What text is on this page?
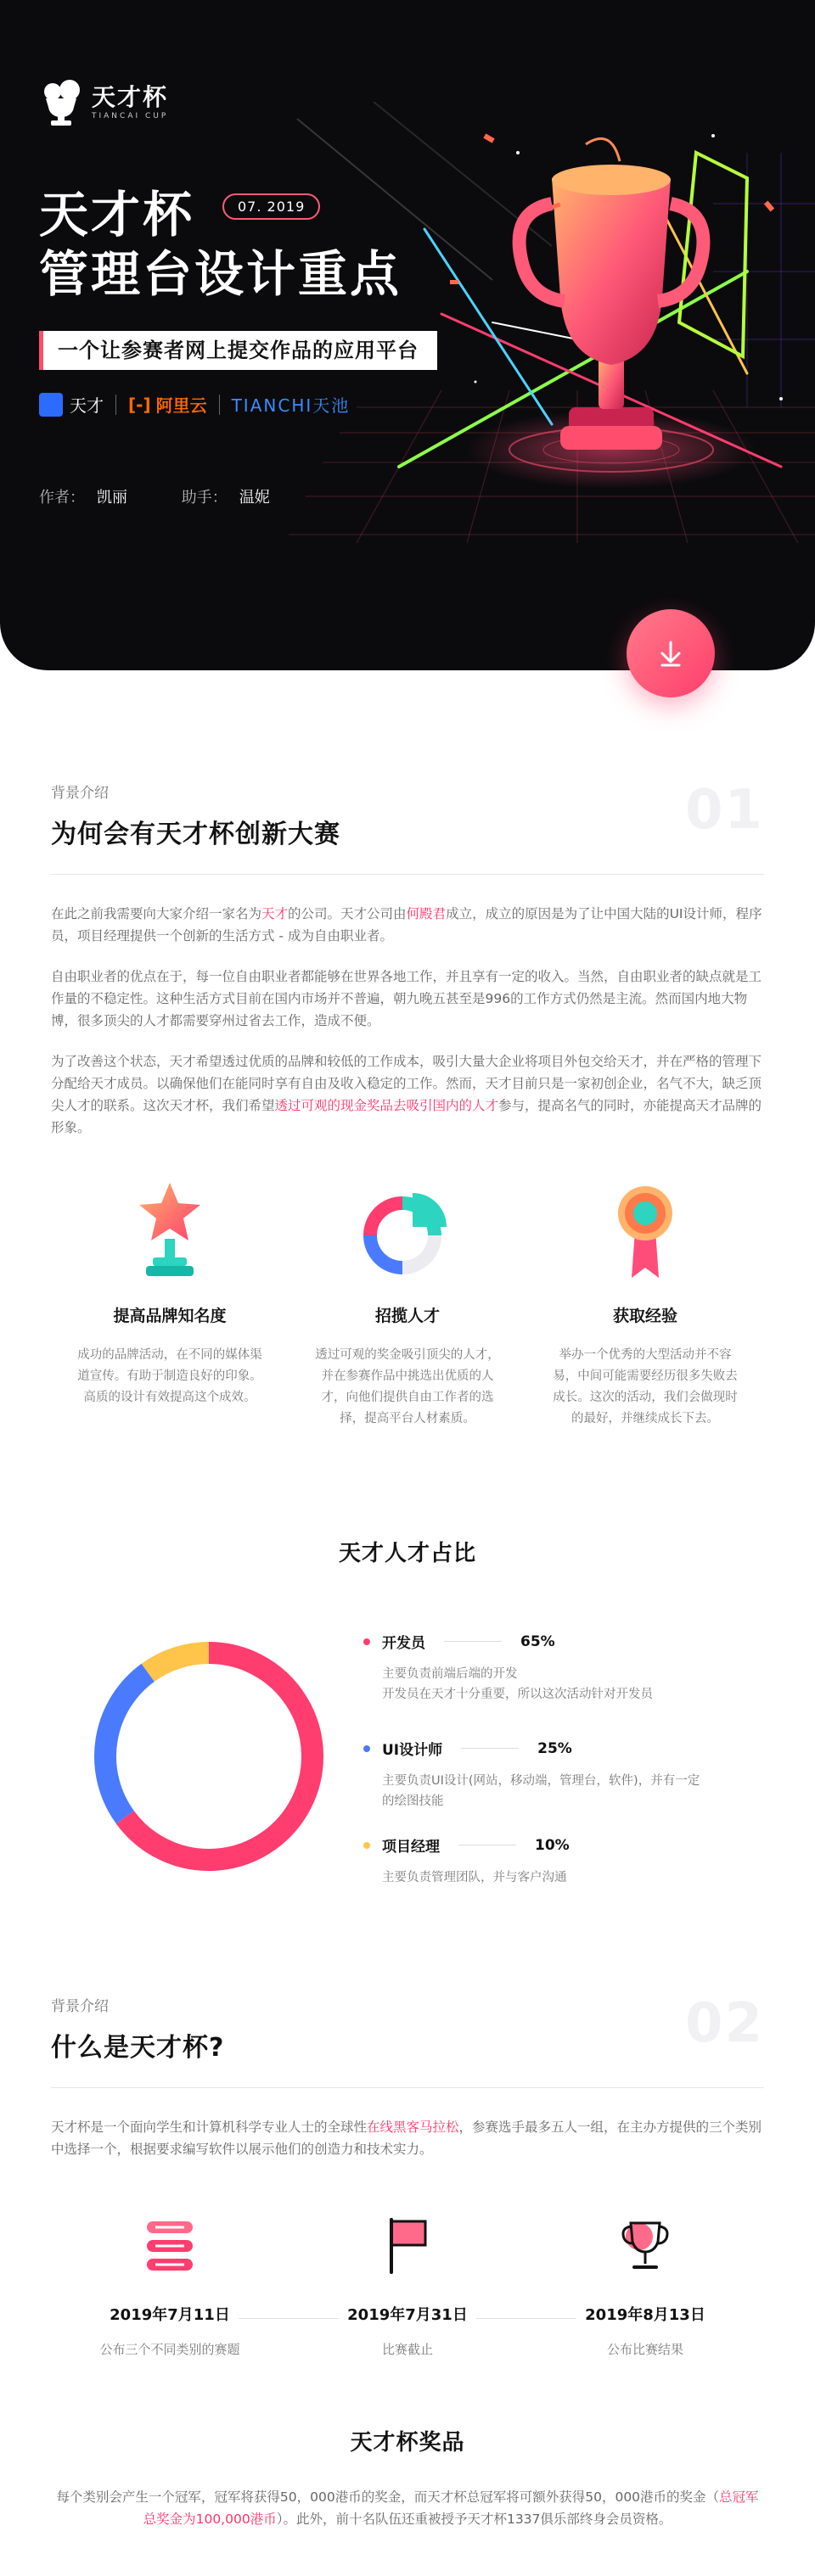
天才杯
TIANCAI CUP
天才杯
管理台设计重点
07. 2019
一个让参赛者网上提交作品的应用平台
天才 [-] 阿里云 TIANCHI天池
作者： 凯丽	助手： 温妮
背景介绍	01
为何会有天才杯创新大赛

在此之前我需要向大家介绍一家名为天才的公司。天才公司由何殿君成立，成立的原因是为了让中国大陆的UI设计师，程序员，项目经理提供一个创新的生活方式 - 成为自由职业者。

自由职业者的优点在于，每一位自由职业者都能够在世界各地工作，并且享有一定的收入。当然，自由职业者的缺点就是工作量的不稳定性。这种生活方式目前在国内市场并不普遍，朝九晚五甚至是996的工作方式仍然是主流。然而国内地大物博，很多顶尖的人才都需要穿州过省去工作，造成不便。

为了改善这个状态，天才希望透过优质的品牌和较低的工作成本，吸引大量大企业将项目外包交给天才，并在严格的管理下分配给天才成员。以确保他们在能同时享有自由及收入稳定的工作。然而，天才目前只是一家初创企业，名气不大，缺乏顶尖人才的联系。这次天才杯，我们希望透过可观的现金奖品去吸引国内的人才参与，提高名气的同时，亦能提高天才品牌的形象。

提高品牌知名度
成功的品牌活动，在不同的媒体渠道宣传。有助于制造良好的印象。高质的设计有效提高这个成效。
招揽人才
透过可观的奖金吸引顶尖的人才，并在参赛作品中挑选出优质的人才，向他们提供自由工作者的选择，提高平台人材素质。
获取经验
举办一个优秀的大型活动并不容易，中间可能需要经历很多失败去成长。这次的活动，我们会做现时的最好，并继续成长下去。
天才人才占比
开发员	65%
主要负责前端后端的开发
开发员在天才十分重要，所以这次活动针对开发员
UI设计师	25%
主要负责UI设计(网站，移动端，管理台，软件)，并有一定的绘图技能
项目经理	10%
主要负责管理团队，并与客户沟通
背景介绍	02
什么是天才杯?

天才杯是一个面向学生和计算机科学专业人士的全球性在线黑客马拉松，参赛选手最多五人一组，在主办方提供的三个类别中选择一个，根据要求编写软件以展示他们的创造力和技术实力。

2019年7月11日
公布三个不同类别的赛题
2019年7月31日
比赛截止
2019年8月13日
公布比赛结果
天才杯奖品

每个类别会产生一个冠军，冠军将获得50，000港币的奖金，而天才杯总冠军将可额外获得50，000港币的奖金（总冠军总奖金为100,000港币）。此外，前十名队伍还重被授予天才杯1337俱乐部终身会员资格。
